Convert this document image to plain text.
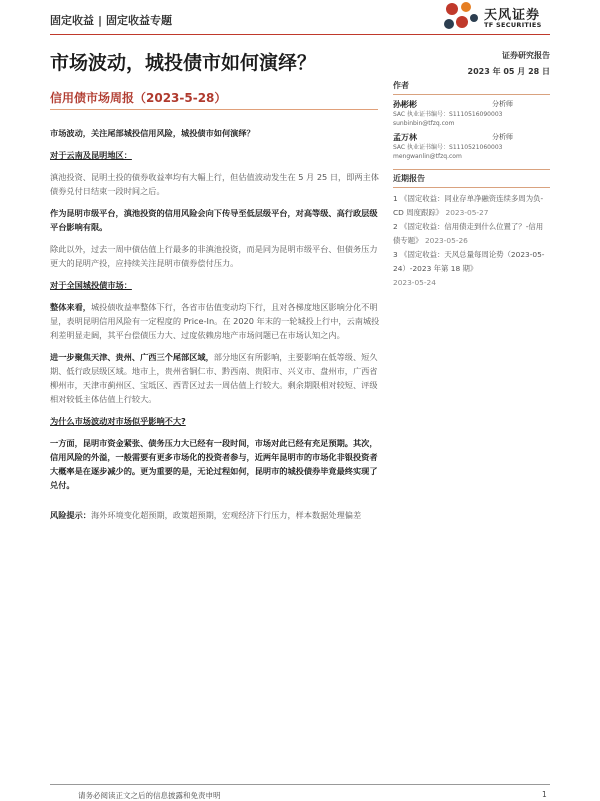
固定收益 | 固定收益专题	天风证券
TF SECURITIES
市场波动，城投债市如何演绎？	证券研究报告
2023 年 05 月 28 日
信用债市场周报（2023-5-28）

市场波动，关注尾部城投信用风险，城投债市如何演绎？

对于云南及昆明地区：

滇池投资、昆明土投的债券收益率均有大幅上行，但估值波动发生在 5 月 25 日，即两主体债券兑付日结束一段时间之后。

作为昆明市级平台，滇池投资的信用风险会向下传导至低层级平台，对高等级、高行政层级平台影响有限。

除此以外，过去一周中债估值上行最多的非滇池投资，而是同为昆明市级平台、但债务压力更大的昆明产投，应持续关注昆明市债券偿付压力。

对于全国城投债市场：

整体来看，城投债收益率整体下行，各省市估值变动均下行，且对各梯度地区影响分化不明显，表明昆明信用风险有一定程度的 Price-In。在 2020 年末的一轮城投上行中，云南城投利差明显走阔，其平台偿债压力大、过度依赖房地产市场问题已在市场认知之内。

进一步聚焦天津、贵州、广西三个尾部区域，部分地区有所影响，主要影响在低等级、短久期、低行政层级区域。地市上，贵州省铜仁市、黔西南、贵阳市、兴义市、盘州市，广西省柳州市，天津市蓟州区、宝坻区、西青区过去一周估值上行较大。剩余期限相对较短、评级相对较低主体估值上行较大。

为什么市场波动对市场似乎影响不大?

一方面，昆明市资金紧张、债务压力大已经有一段时间，市场对此已经有充足预期。其次，信用风险的外溢，一般需要有更多市场化的投资者参与，近两年昆明市的市场化非银投资者大概率是在逐步减少的。更为重要的是，无论过程如何，昆明市的城投债券毕竟最终实现了兑付。

风险提示：海外环境变化超预期，政策超预期，宏观经济下行压力，样本数据处理偏差

作者

孙彬彬	分析师
SAC 执业证书编号：S1110516090003
sunbinbin@tfzq.com
孟万林	分析师
SAC 执业证书编号：S1110521060003
mengwanlin@tfzq.com

近期报告

1 《固定收益：同业存单净融资连续多周为负-CD 周度跟踪》 2023-05-27
2 《固定收益：信用债走到什么位置了？-信用债专题》 2023-05-26
3 《固定收益：天风总量每周论势（2023-05-24）-2023 年第 18 期》
2023-05-24
请务必阅读正文之后的信息披露和免责申明	1
